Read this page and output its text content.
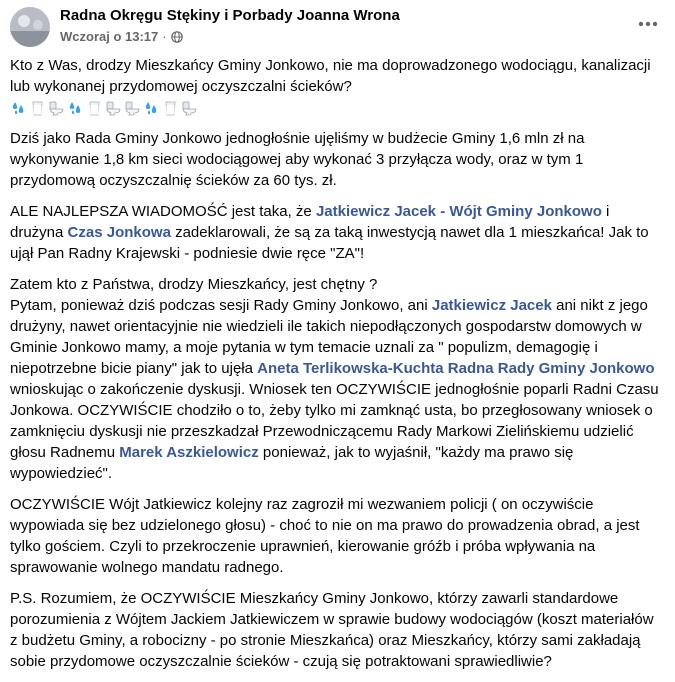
Radna Okręgu Stękiny i Porbady Joanna Wrona
Wczoraj o 13:17 ·

Kto z Was, drodzy Mieszkańcy Gminy Jonkowo, nie ma doprowadzonego wodociągu, kanalizacji lub wykonanej przydomowej oczyszczalni ścieków?

Dziś jako Rada Gminy Jonkowo jednogłośnie ujęliśmy w budżecie Gminy 1,6 mln zł na wykonywanie 1,8 km sieci wodociągowej aby wykonać 3 przyłącza wody, oraz w tym 1 przydomową oczyszczalnię ścieków za 60 tys. zł.

ALE NAJLEPSZA WIADOMOŚĆ jest taka, że Jatkiewicz Jacek - Wójt Gminy Jonkowo i drużyna Czas Jonkowa zadeklarowali, że są za taką inwestycją nawet dla 1 mieszkańca! Jak to ujął Pan Radny Krajewski - podniesie dwie ręce "ZA"!

Zatem kto z Państwa, drodzy Mieszkańcy, jest chętny ?
Pytam, ponieważ dziś podczas sesji Rady Gminy Jonkowo, ani Jatkiewicz Jacek ani nikt z jego drużyny, nawet orientacyjnie nie wiedzieli ile takich niepodłączonych gospodarstw domowych w Gminie Jonkowo mamy, a moje pytania w tym temacie uznali za " populizm, demagogię i niepotrzebne bicie piany" jak to ujęła Aneta Terlikowska-Kuchta Radna Rady Gminy Jonkowo wnioskując o zakończenie dyskusji. Wniosek ten OCZYWIŚCIE jednogłośnie poparli Radni Czasu Jonkowa. OCZYWIŚCIE chodziło o to, żeby tylko mi zamknąć usta, bo przegłosowany wniosek o zamknięciu dyskusji nie przeszkadzał Przewodniczącemu Rady Markowi Zielińskiemu udzielić głosu Radnemu Marek Aszkielowicz ponieważ, jak to wyjaśnił, "każdy ma prawo się wypowiedzieć".

OCZYWIŚCIE Wójt Jatkiewicz kolejny raz zagroził mi wezwaniem policji ( on oczywiście wypowiada się bez udzielonego głosu) - choć to nie on ma prawo do prowadzenia obrad, a jest tylko gościem. Czyli to przekroczenie uprawnień, kierowanie gróźb i próba wpływania na sprawowanie wolnego mandatu radnego.

P.S. Rozumiem, że OCZYWIŚCIE Mieszkańcy Gminy Jonkowo, którzy zawarli standardowe porozumienia z Wójtem Jackiem Jatkiewiczem w sprawie budowy wodociągów (koszt materiałów z budżetu Gminy, a robocizny - po stronie Mieszkańca) oraz Mieszkańcy, którzy sami zakładają sobie przydomowe oczyszczalnie ścieków - czują się potraktowani sprawiedliwie?
